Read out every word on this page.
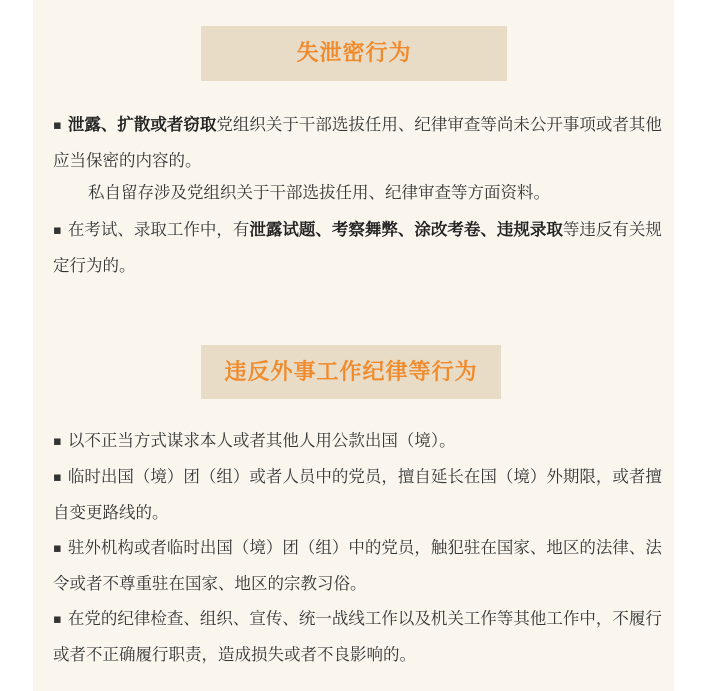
失泄密行为

▪ 泄露、扩散或者窃取党组织关于干部选拔任用、纪律审查等尚未公开事项或者其他应当保密的内容的。

私自留存涉及党组织关于干部选拔任用、纪律审查等方面资料。

▪ 在考试、录取工作中，有泄露试题、考察舞弊、涂改考卷、违规录取等违反有关规定行为的。

违反外事工作纪律等行为

▪ 以不正当方式谋求本人或者其他人用公款出国（境）。

▪ 临时出国（境）团（组）或者人员中的党员，擅自延长在国（境）外期限，或者擅自变更路线的。

▪ 驻外机构或者临时出国（境）团（组）中的党员，触犯驻在国家、地区的法律、法令或者不尊重驻在国家、地区的宗教习俗。

▪ 在党的纪律检查、组织、宣传、统一战线工作以及机关工作等其他工作中，不履行或者不正确履行职责，造成损失或者不良影响的。
